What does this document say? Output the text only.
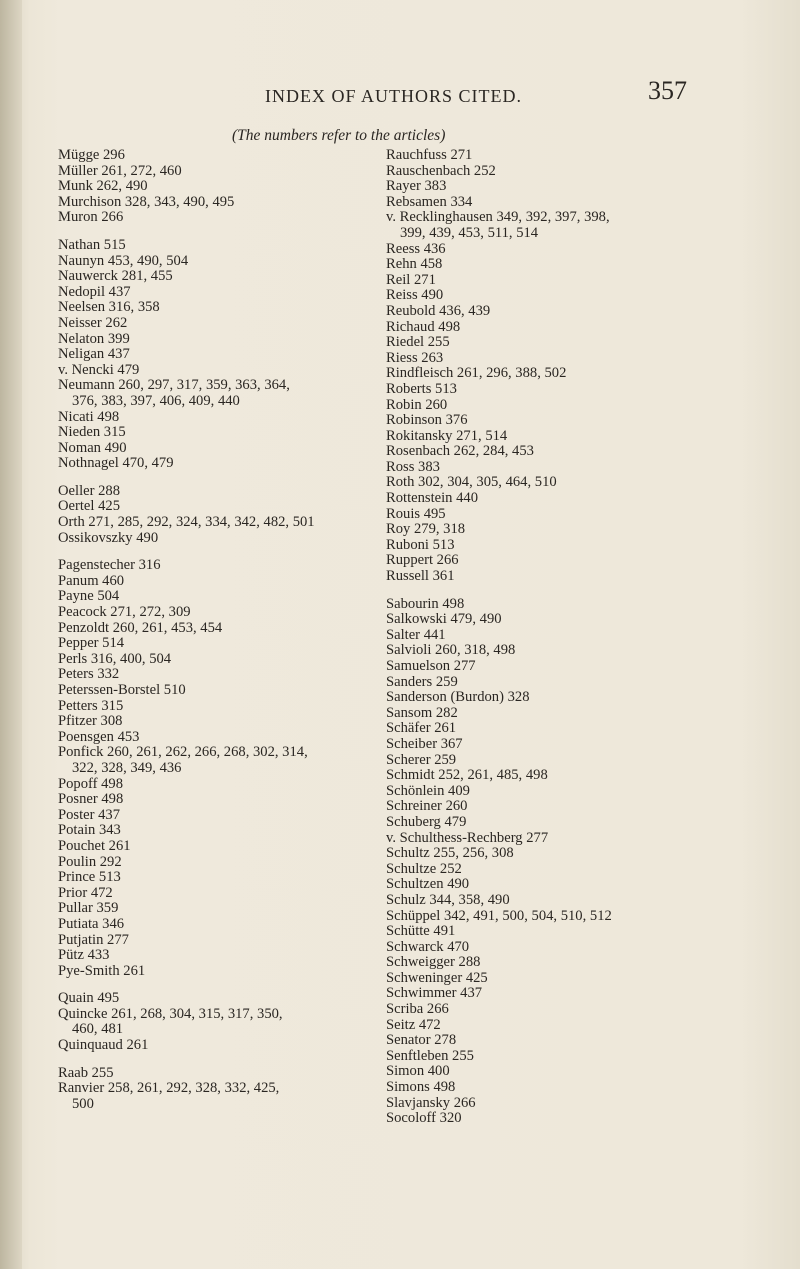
INDEX OF AUTHORS CITED.	357
(The numbers refer to the articles)
Mügge 296
Müller 261, 272, 460
Munk 262, 490
Murchison 328, 343, 490, 495
Muron 266
Nathan 515
Naunyn 453, 490, 504
Nauwerck 281, 455
Nedopil 437
Neelsen 316, 358
Neisser 262
Nelaton 399
Neligan 437
v. Nencki 479
Neumann 260, 297, 317, 359, 363, 364,
376, 383, 397, 406, 409, 440
Nicati 498
Nieden 315
Noman 490
Nothnagel 470, 479
Oeller 288
Oertel 425
Orth 271, 285, 292, 324, 334, 342, 482, 501
Ossikovszky 490
Pagenstecher 316
Panum 460
Payne 504
Peacock 271, 272, 309
Penzoldt 260, 261, 453, 454
Pepper 514
Perls 316, 400, 504
Peters 332
Peterssen-Borstel 510
Petters 315
Pfitzer 308
Poensgen 453
Ponfick 260, 261, 262, 266, 268, 302, 314,
322, 328, 349, 436
Popoff 498
Posner 498
Poster 437
Potain 343
Pouchet 261
Poulin 292
Prince 513
Prior 472
Pullar 359
Putiata 346
Putjatin 277
Pütz 433
Pye-Smith 261
Quain 495
Quincke 261, 268, 304, 315, 317, 350,
460, 481
Quinquaud 261
Raab 255
Ranvier 258, 261, 292, 328, 332, 425,
500
Rauchfuss 271
Rauschenbach 252
Rayer 383
Rebsamen 334
v. Recklinghausen 349, 392, 397, 398,
399, 439, 453, 511, 514
Reess 436
Rehn 458
Reil 271
Reiss 490
Reubold 436, 439
Richaud 498
Riedel 255
Riess 263
Rindfleisch 261, 296, 388, 502
Roberts 513
Robin 260
Robinson 376
Rokitansky 271, 514
Rosenbach 262, 284, 453
Ross 383
Roth 302, 304, 305, 464, 510
Rottenstein 440
Rouis 495
Roy 279, 318
Ruboni 513
Ruppert 266
Russell 361
Sabourin 498
Salkowski 479, 490
Salter 441
Salvioli 260, 318, 498
Samuelson 277
Sanders 259
Sanderson (Burdon) 328
Sansom 282
Schäfer 261
Scheiber 367
Scherer 259
Schmidt 252, 261, 485, 498
Schönlein 409
Schreiner 260
Schuberg 479
v. Schulthess-Rechberg 277
Schultz 255, 256, 308
Schultze 252
Schultzen 490
Schulz 344, 358, 490
Schüppel 342, 491, 500, 504, 510, 512
Schütte 491
Schwarck 470
Schweigger 288
Schweninger 425
Schwimmer 437
Scriba 266
Seitz 472
Senator 278
Senftleben 255
Simon 400
Simons 498
Slavjansky 266
Socoloff 320
